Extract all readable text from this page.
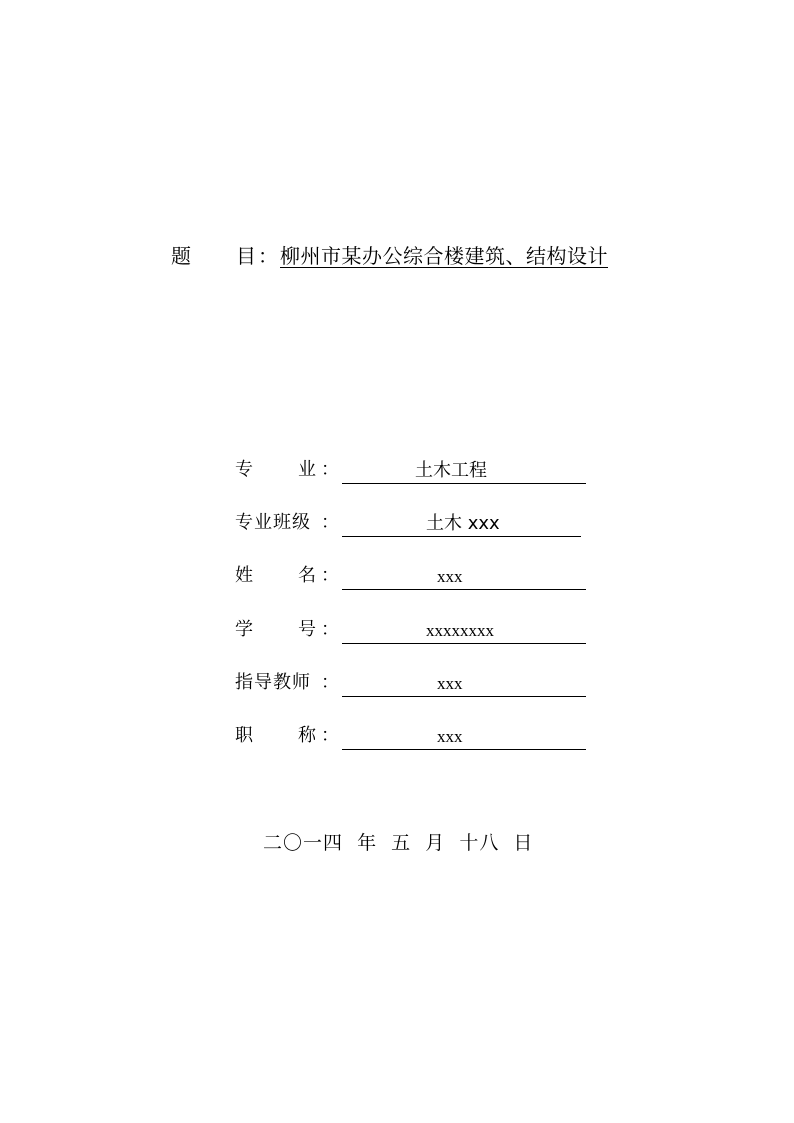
题 目 ： 柳州市某办公综合楼建筑、结构设计
专	业 ：	土木工程
专业班级 ：	土木 xxx
姓	名 ：	xxx
学	号 ：	xxxxxxxx
指导教师 ：	xxx
职	称 ：	xxx
二〇一四  年  五  月  十八  日
